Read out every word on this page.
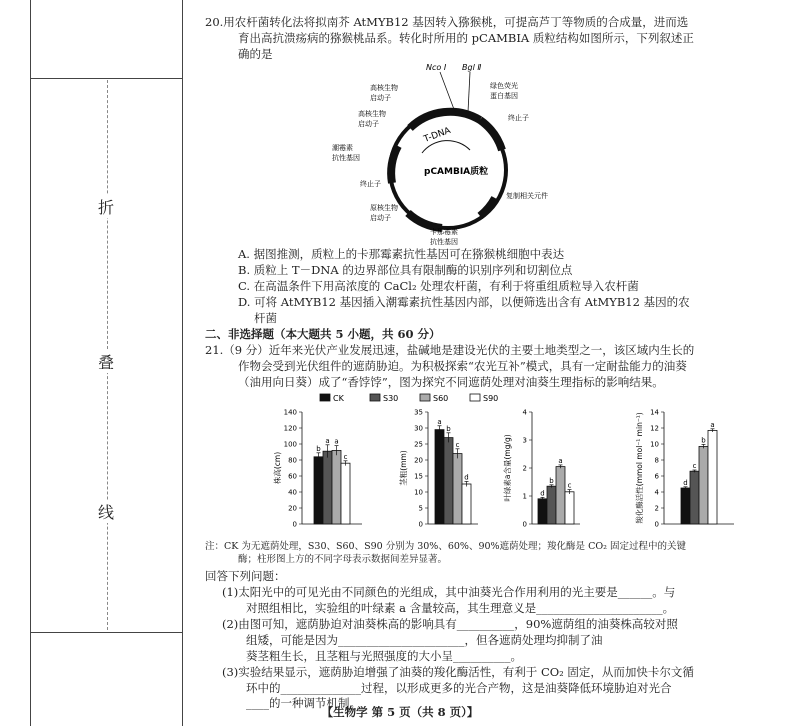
折
叠
线
20.用农杆菌转化法将拟南芥 AtMYB12 基因转入猕猴桃，可提高芦丁等物质的合成量，进而选
育出高抗溃疡病的猕猴桃品系。转化时所用的 pCAMBIA 质粒结构如图所示，下列叙述正
确的是
T-DNA
pCAMBIA质粒
Nco Ⅰ Bgl Ⅱ
绿色荧光
蛋白基因
高核生物
启动子
高核生物
启动子
终止子
潮霉素
抗性基因
终止子
原核生物
启动子
复制相关元件
卡那霉素
抗性基因
A. 据图推测，质粒上的卡那霉素抗性基因可在猕猴桃细胞中表达
B. 质粒上 T－DNA 的边界部位具有限制酶的识别序列和切割位点
C. 在高温条件下用高浓度的 CaCl₂ 处理农杆菌，有利于将重组质粒导入农杆菌
D. 可将 AtMYB12 基因插入潮霉素抗性基因内部，以便筛选出含有 AtMYB12 基因的农
杆菌
二、非选择题（本大题共 5 小题，共 60 分）
21.（9 分）近年来光伏产业发展迅速，盐碱地是建设光伏的主要土地类型之一，该区域内生长的
作物会受到光伏组件的遮荫胁迫。为积极探索“农光互补”模式，具有一定耐盐能力的油葵
（油用向日葵）成了“香饽饽”，图为探究不同遮荫处理对油葵生理指标的影响结果。
CK	S30	S60	S90
0
20
40
60
80
100
120
140
株高(cm)
b
a a
c
0
5
10
15
20
25
30
35
茎粗(mm)
a
b
c
d
0
1
2
3
4
叶绿素a含量(mg/g)	d
b
a
c
0
2
4
6
8
10
12
14
羧化酶活性(mmol mol⁻¹ min⁻¹)	d
c
b
a
注：CK 为无遮荫处理，S30、S60、S90 分别为 30%、60%、90%遮荫处理；羧化酶是 CO₂ 固定过程中的关键
酶；柱形图上方的不同字母表示数据间差异显著。
回答下列问题：
(1)太阳光中的可见光由不同颜色的光组成，其中油葵光合作用利用的光主要是______。与
对照组相比，实验组的叶绿素 a 含量较高，其生理意义是______________________。
(2)由图可知，遮荫胁迫对油葵株高的影响具有__________，90%遮荫组的油葵株高较对照
组矮，可能是因为______________________，但各遮荫处理均抑制了油
葵茎粗生长，且茎粗与光照强度的大小呈__________。
(3)实验结果显示，遮荫胁迫增强了油葵的羧化酶活性，有利于 CO₂ 固定，从而加快卡尔文循
环中的______________过程，以形成更多的光合产物，这是油葵降低环境胁迫对光合
____的一种调节机制。
【生物学 第 5 页（共 8 页）】
